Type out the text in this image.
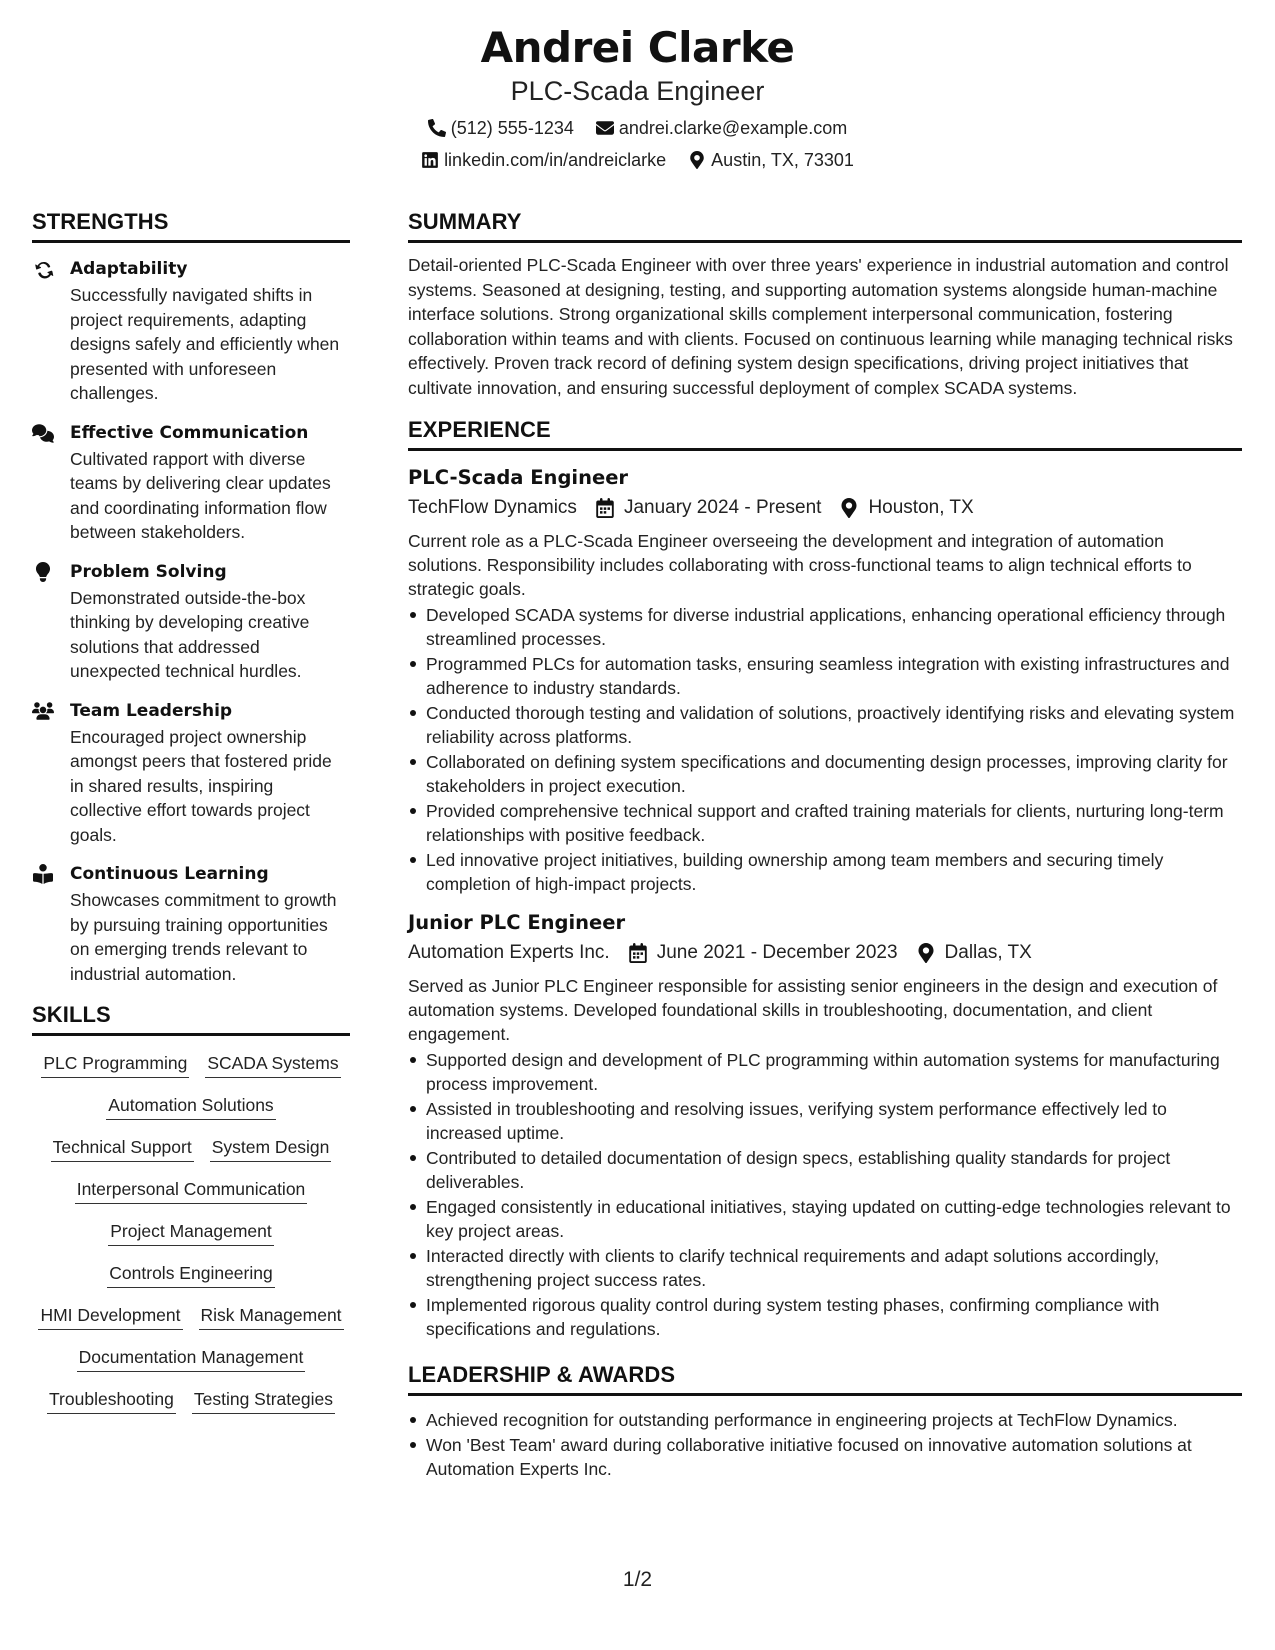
Andrei Clarke
PLC-Scada Engineer
(512) 555-1234	andrei.clarke@example.com
linkedin.com/in/andreiclarke	Austin, TX, 73301
STRENGTHS
Adaptability
Successfully navigated shifts in project requirements, adapting designs safely and efficiently when presented with unforeseen challenges.
Effective Communication
Cultivated rapport with diverse teams by delivering clear updates and coordinating information flow between stakeholders.
Problem Solving
Demonstrated outside-the-box thinking by developing creative solutions that addressed unexpected technical hurdles.
Team Leadership
Encouraged project ownership amongst peers that fostered pride in shared results, inspiring collective effort towards project goals.
Continuous Learning
Showcases commitment to growth by pursuing training opportunities on emerging trends relevant to industrial automation.
SKILLS
PLC Programming SCADA Systems
Automation Solutions
Technical Support System Design
Interpersonal Communication
Project Management
Controls Engineering
HMI Development Risk Management
Documentation Management
Troubleshooting Testing Strategies
SUMMARY
Detail-oriented PLC-Scada Engineer with over three years' experience in industrial automation and control systems. Seasoned at designing, testing, and supporting automation systems alongside human-machine interface solutions. Strong organizational skills complement interpersonal communication, fostering collaboration within teams and with clients. Focused on continuous learning while managing technical risks effectively. Proven track record of defining system design specifications, driving project initiatives that cultivate innovation, and ensuring successful deployment of complex SCADA systems.
EXPERIENCE
PLC-Scada Engineer
TechFlow Dynamics January 2024 - Present Houston, TX
Current role as a PLC-Scada Engineer overseeing the development and integration of automation solutions. Responsibility includes collaborating with cross-functional teams to align technical efforts to strategic goals.
Developed SCADA systems for diverse industrial applications, enhancing operational efficiency through streamlined processes.
Programmed PLCs for automation tasks, ensuring seamless integration with existing infrastructures and adherence to industry standards.
Conducted thorough testing and validation of solutions, proactively identifying risks and elevating system reliability across platforms.
Collaborated on defining system specifications and documenting design processes, improving clarity for stakeholders in project execution.
Provided comprehensive technical support and crafted training materials for clients, nurturing long-term relationships with positive feedback.
Led innovative project initiatives, building ownership among team members and securing timely completion of high-impact projects.
Junior PLC Engineer
Automation Experts Inc. June 2021 - December 2023 Dallas, TX
Served as Junior PLC Engineer responsible for assisting senior engineers in the design and execution of automation systems. Developed foundational skills in troubleshooting, documentation, and client engagement.
Supported design and development of PLC programming within automation systems for manufacturing process improvement.
Assisted in troubleshooting and resolving issues, verifying system performance effectively led to increased uptime.
Contributed to detailed documentation of design specs, establishing quality standards for project deliverables.
Engaged consistently in educational initiatives, staying updated on cutting-edge technologies relevant to key project areas.
Interacted directly with clients to clarify technical requirements and adapt solutions accordingly, strengthening project success rates.
Implemented rigorous quality control during system testing phases, confirming compliance with specifications and regulations.
LEADERSHIP & AWARDS
Achieved recognition for outstanding performance in engineering projects at TechFlow Dynamics.
Won 'Best Team' award during collaborative initiative focused on innovative automation solutions at Automation Experts Inc.
1/2
